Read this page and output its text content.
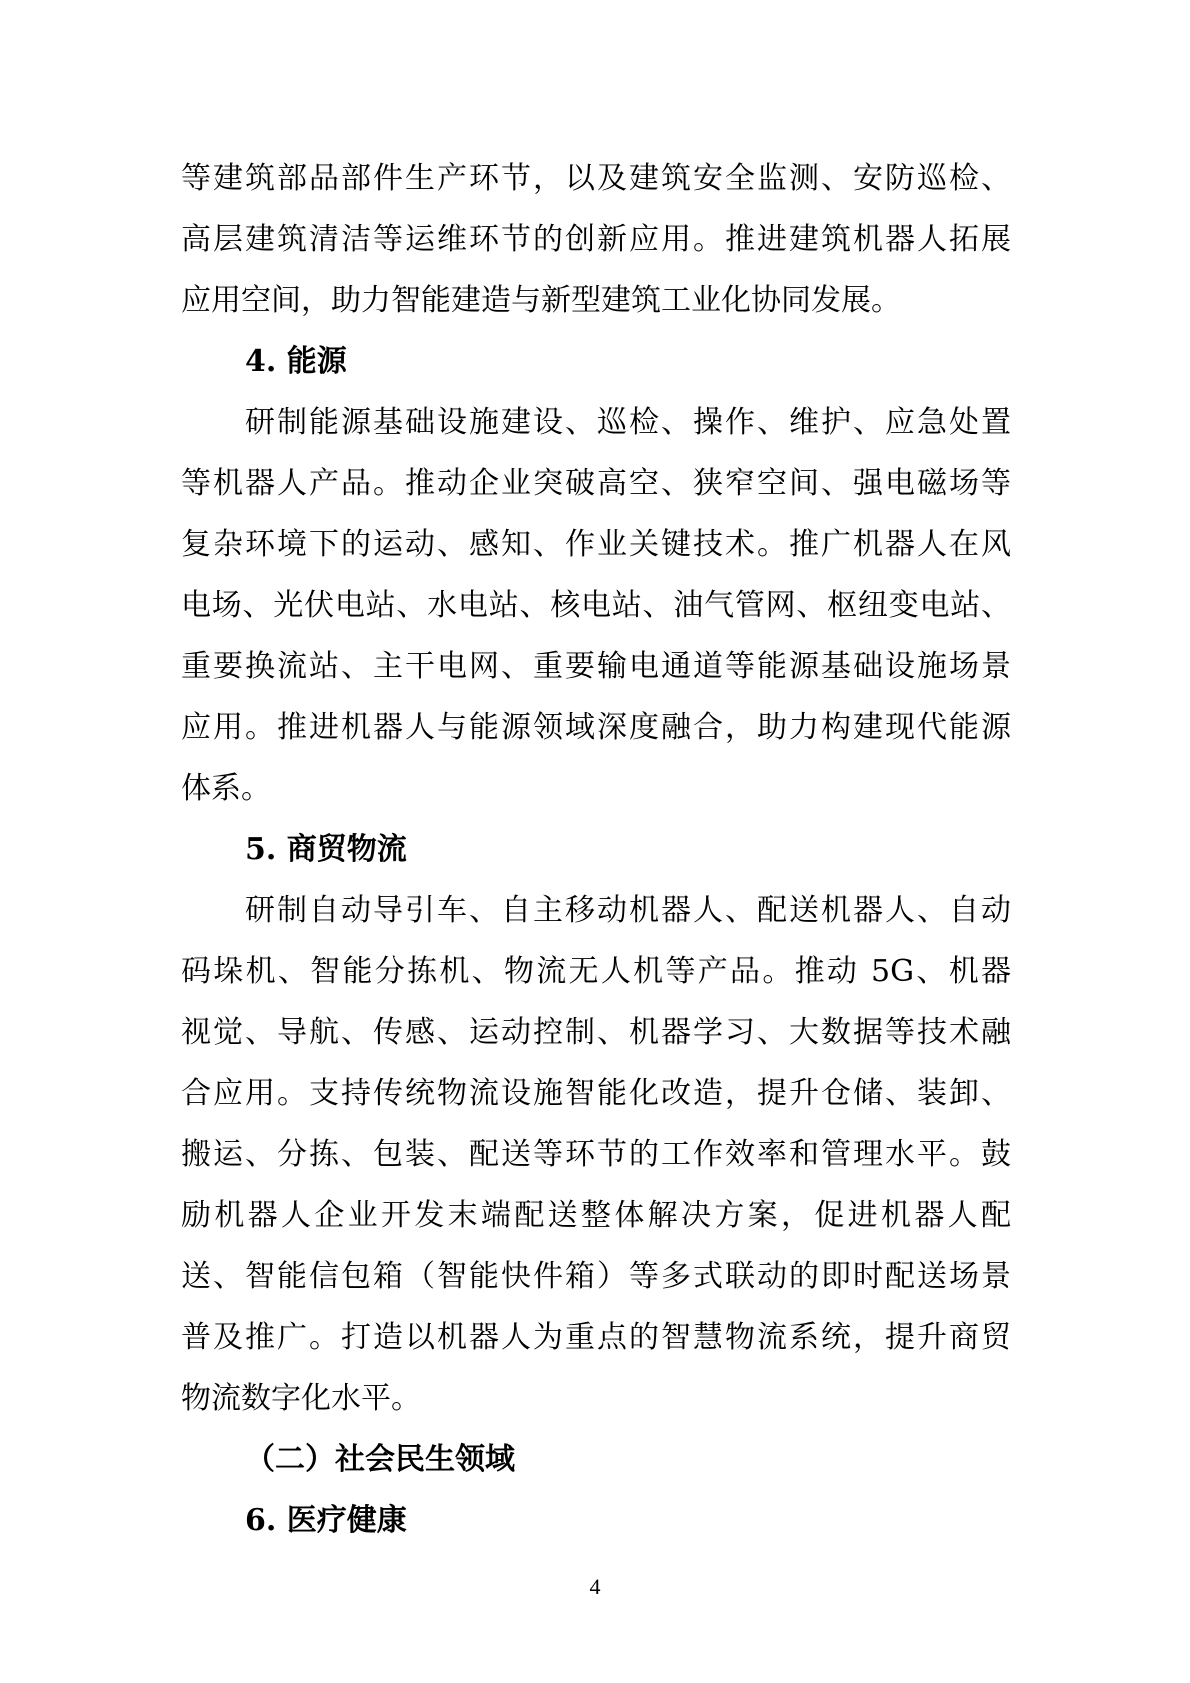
等建筑部品部件生产环节，以及建筑安全监测、安防巡检、
高层建筑清洁等运维环节的创新应用。推进建筑机器人拓展
应用空间，助力智能建造与新型建筑工业化协同发展。
4. 能源
研制能源基础设施建设、巡检、操作、维护、应急处置
等机器人产品。推动企业突破高空、狭窄空间、强电磁场等
复杂环境下的运动、感知、作业关键技术。推广机器人在风
电场、光伏电站、水电站、核电站、油气管网、枢纽变电站、
重要换流站、主干电网、重要输电通道等能源基础设施场景
应用。推进机器人与能源领域深度融合，助力构建现代能源
体系。
5. 商贸物流
研制自动导引车、自主移动机器人、配送机器人、自动
码垛机、智能分拣机、物流无人机等产品。推动 5G、机器
视觉、导航、传感、运动控制、机器学习、大数据等技术融
合应用。支持传统物流设施智能化改造，提升仓储、装卸、
搬运、分拣、包装、配送等环节的工作效率和管理水平。鼓
励机器人企业开发末端配送整体解决方案，促进机器人配
送、智能信包箱（智能快件箱）等多式联动的即时配送场景
普及推广。打造以机器人为重点的智慧物流系统，提升商贸
物流数字化水平。
（二）社会民生领域
6. 医疗健康
4
